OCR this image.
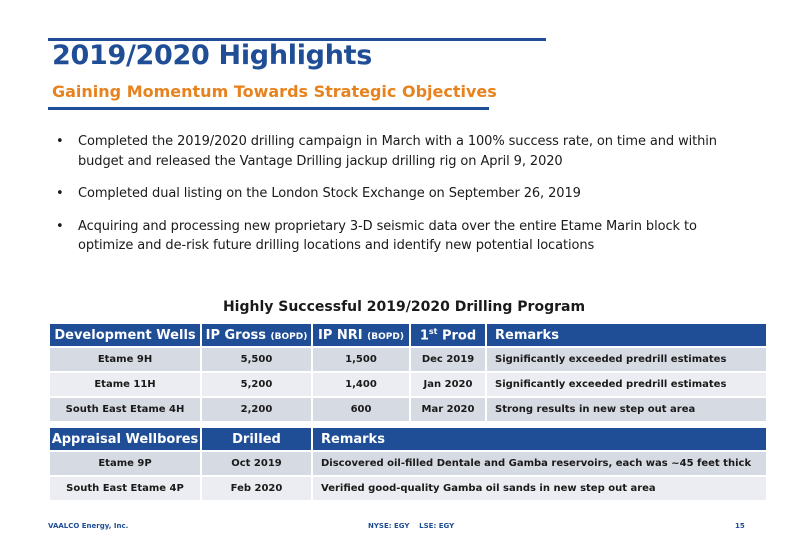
2019/2020 Highlights
Gaining Momentum Towards Strategic Objectives
• Completed the 2019/2020 drilling campaign in March with a 100% success rate, on time and within budget and released the Vantage Drilling jackup drilling rig on April 9, 2020
• Completed dual listing on the London Stock Exchange on September 26, 2019
• Acquiring and processing new proprietary 3-D seismic data over the entire Etame Marin block to optimize and de-risk future drilling locations and identify new potential locations
Highly Successful 2019/2020 Drilling Program
Development Wells	IP Gross (BOPD)	IP NRI (BOPD)	1st Prod	Remarks
Etame 9H	5,500	1,500	Dec 2019	Significantly exceeded predrill estimates
Etame 11H	5,200	1,400	Jan 2020	Significantly exceeded predrill estimates
South East Etame 4H	2,200	600	Mar 2020	Strong results in new step out area
Appraisal Wellbores	Drilled	Remarks
Etame 9P	Oct 2019	Discovered oil-filled Dentale and Gamba reservoirs, each was ~45 feet thick
South East Etame 4P	Feb 2020	Verified good-quality Gamba oil sands in new step out area
VAALCO Energy, Inc.	NYSE: EGY    LSE: EGY	15
